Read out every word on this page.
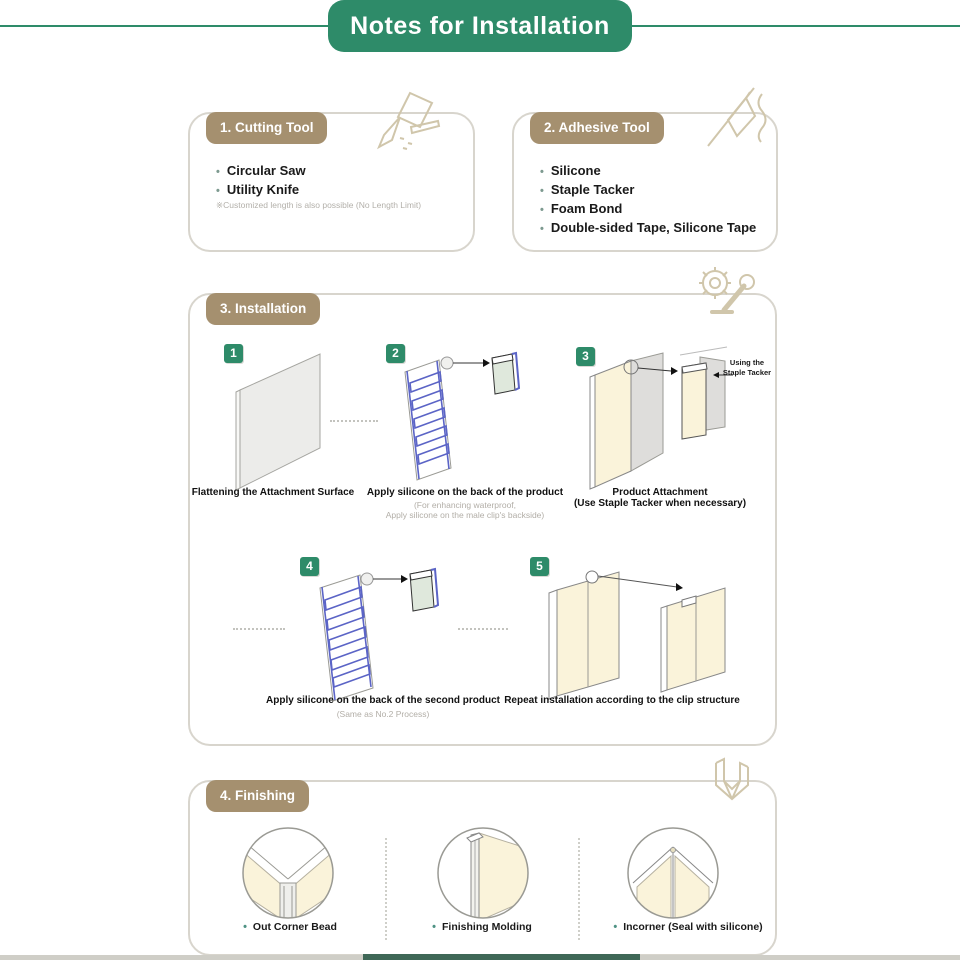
Notes for Installation
1. Cutting Tool
• Circular Saw
• Utility Knife
※Customized length is also possible (No Length Limit)
2. Adhesive Tool
• Silicone
• Staple Tacker
• Foam Bond
• Double-sided Tape, Silicone Tape
3. Installation
1	2	3
4	5
Using the
Staple Tacker
Flattening the Attachment Surface Apply silicone on the back of the product
(For enhancing waterproof,
Apply silicone on the male clip's backside)
Product Attachment
(Use Staple Tacker when necessary)
Apply silicone on the back of the second product
(Same as No.2 Process)
Repeat installation according to the clip structure
4. Finishing
• Out Corner Bead	• Finishing Molding	• Incorner (Seal with silicone)
